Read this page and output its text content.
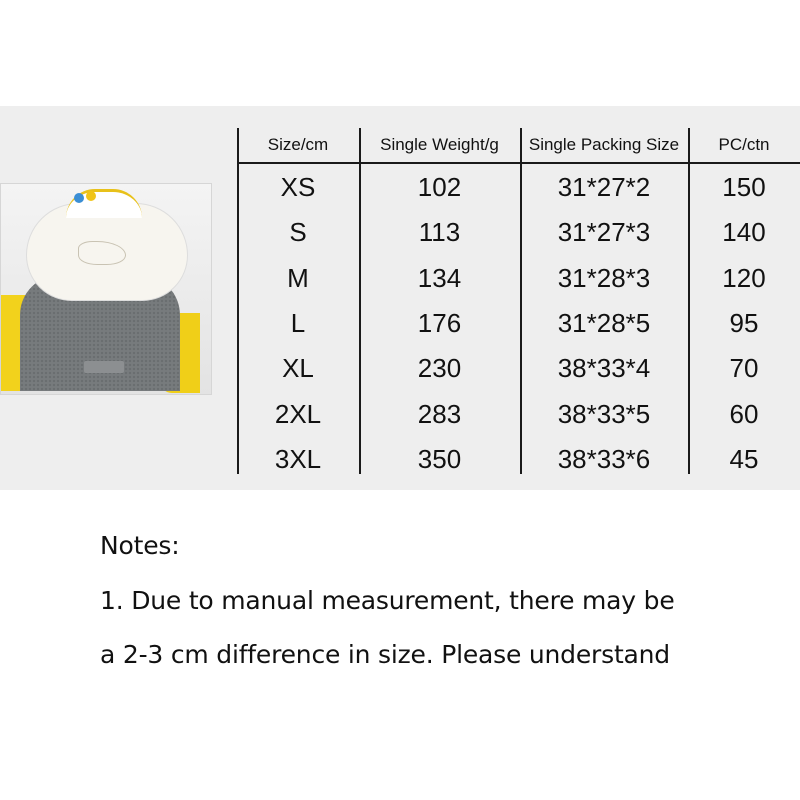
Size/cm	Single Weight/g	Single Packing Size	PC/ctn
XS	102	31*27*2	150
S	113	31*27*3	140
M	134	31*28*3	120
L	176	31*28*5	95
XL	230	38*33*4	70
2XL	283	38*33*5	60
3XL	350	38*33*6	45
Notes:
1. Due to manual measurement, there may be
a 2-3 cm difference in size. Please understand
